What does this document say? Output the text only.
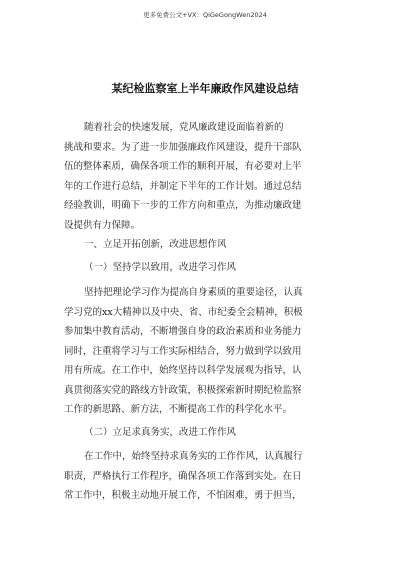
更多免费公文+VX：QiGeGongWen2024
某纪检监察室上半年廉政作风建设总结
随着社会的快速发展，党风廉政建设面临着新的
挑战和要求。为了进一步加强廉政作风建设，提升干部队
伍的整体素质，确保各项工作的顺利开展，有必要对上半
年的工作进行总结，并制定下半年的工作计划。通过总结
经验教训，明确下一步的工作方向和重点，为推动廉政建
设提供有力保障。
一、立足开拓创新，改进思想作风
（一）坚持学以致用，改进学习作风
坚持把理论学习作为提高自身素质的重要途径，认真
学习党的xx大精神以及中央、省、市纪委全会精神，积极
参加集中教育活动，不断增强自身的政治素质和业务能力
同时，注重将学习与工作实际相结合，努力做到学以致用
用有所成。在工作中，始终坚持以科学发展观为指导，认
真贯彻落实党的路线方针政策，积极探索新时期纪检监察
工作的新思路、新方法，不断提高工作的科学化水平。
（二）立足求真务实，改进工作作风
在工作中，始终坚持求真务实的工作作风，认真履行
职责，严格执行工作程序，确保各项工作落到实处。在日
常工作中，积极主动地开展工作，不怕困难，勇于担当，
